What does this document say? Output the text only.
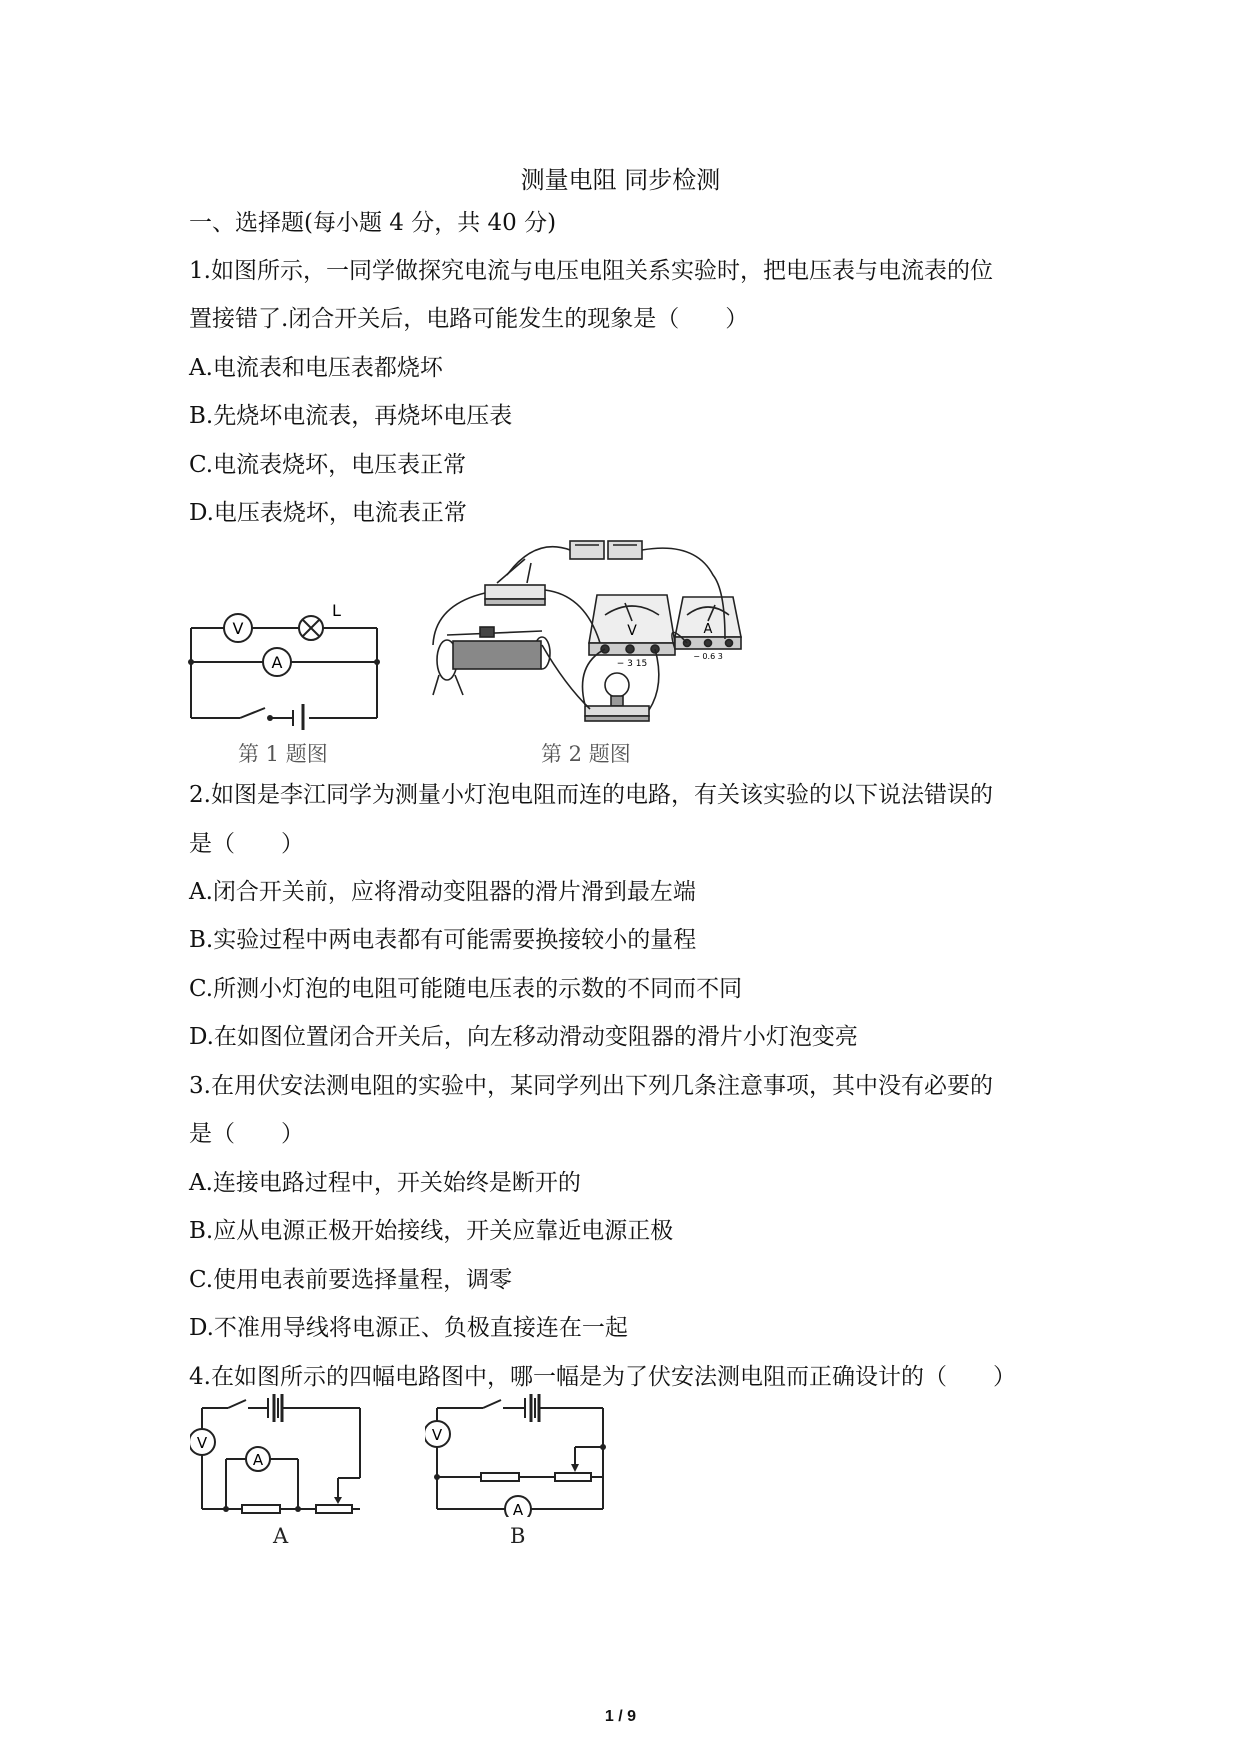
测量电阻 同步检测
一、选择题(每小题 4 分，共 40 分)
1.如图所示，一同学做探究电流与电压电阻关系实验时，把电压表与电流表的位
置接错了.闭合开关后，电路可能发生的现象是（　　）
A.电流表和电压表都烧坏
B.先烧坏电流表，再烧坏电压表
C.电流表烧坏，电压表正常
D.电压表烧坏，电流表正常
V
A
L
第 1 题图
V	A
− 3 15
− 0.6 3
第 2 题图
2.如图是李江同学为测量小灯泡电阻而连的电路，有关该实验的以下说法错误的
是（　　）
A.闭合开关前，应将滑动变阻器的滑片滑到最左端
B.实验过程中两电表都有可能需要换接较小的量程
C.所测小灯泡的电阻可能随电压表的示数的不同而不同
D.在如图位置闭合开关后，向左移动滑动变阻器的滑片小灯泡变亮
3.在用伏安法测电阻的实验中，某同学列出下列几条注意事项，其中没有必要的
是（　　）
A.连接电路过程中，开关始终是断开的
B.应从电源正极开始接线，开关应靠近电源正极
C.使用电表前要选择量程，调零
D.不准用导线将电源正、负极直接连在一起
4.在如图所示的四幅电路图中，哪一幅是为了伏安法测电阻而正确设计的（　　）
V
A
A
V
A
B
1 / 9
